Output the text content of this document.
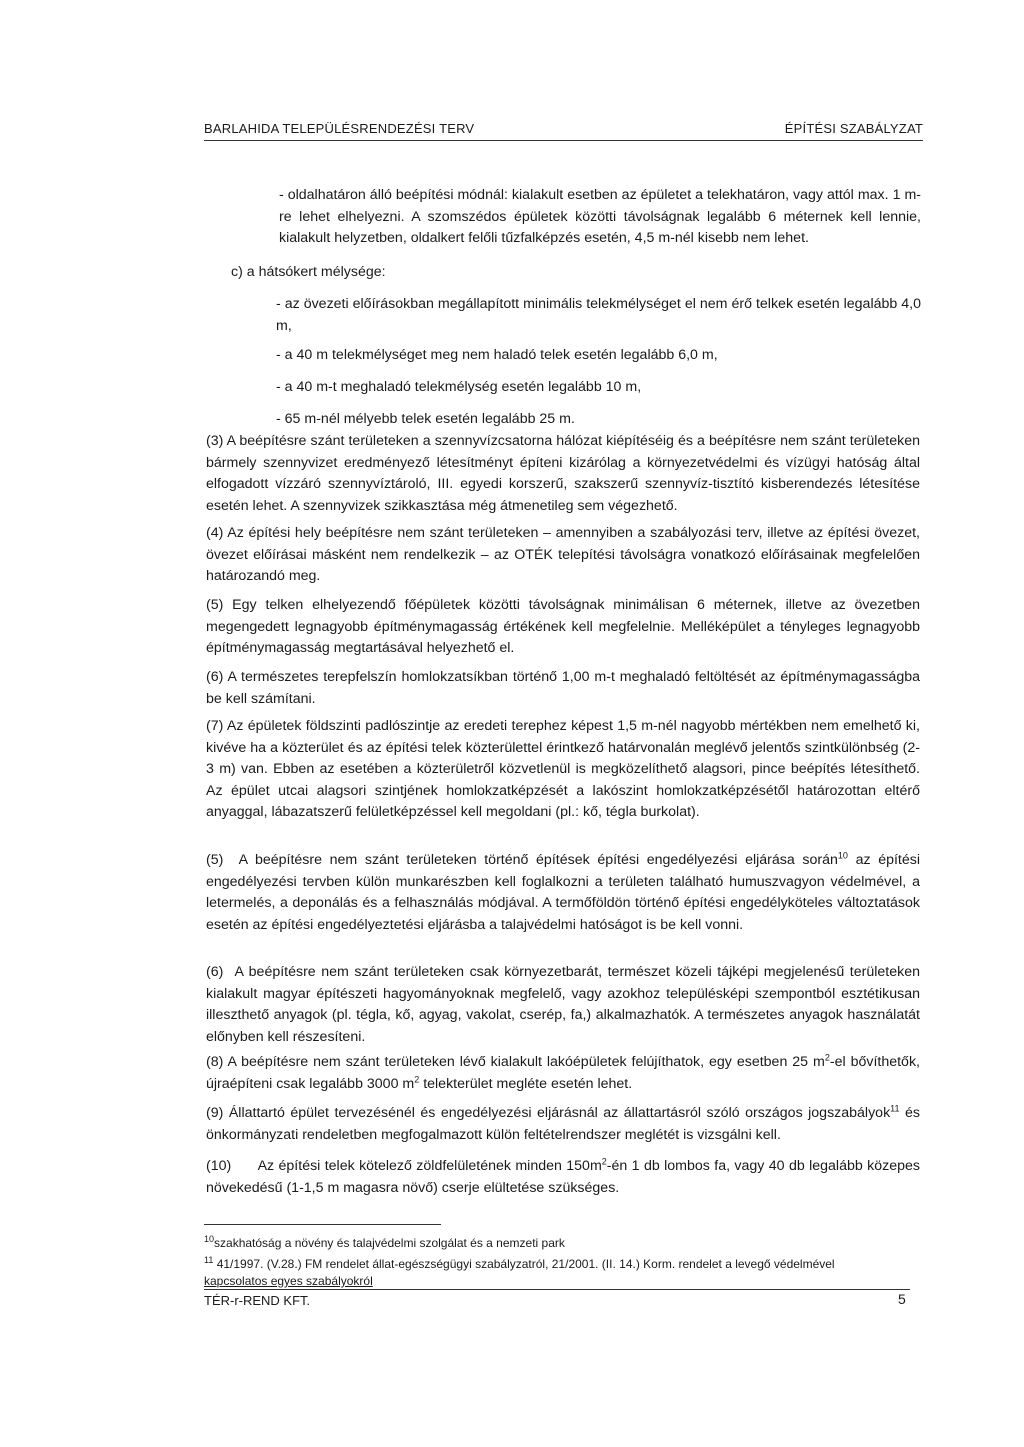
BARLAHIDA TELEPÜLÉSRENDEZÉSI TERV	ÉPÍTÉSI SZABÁLYZAT

- oldalhatáron álló beépítési módnál: kialakult esetben az épületet a telekhatáron, vagy attól max. 1 m-re lehet elhelyezni. A szomszédos épületek közötti távolságnak legalább 6 méternek kell lennie, kialakult helyzetben, oldalkert felőli tűzfalképzés esetén, 4,5 m-nél kisebb nem lehet.

c) a hátsókert mélysége:

- az övezeti előírásokban megállapított minimális telekmélységet el nem érő telkek esetén legalább 4,0 m,

- a 40 m telekmélységet meg nem haladó telek esetén legalább 6,0 m,

- a 40 m-t meghaladó telekmélység esetén legalább 10 m,

- 65 m-nél mélyebb telek esetén legalább 25 m.

(3) A beépítésre szánt területeken a szennyvízcsatorna hálózat kiépítéséig és a beépítésre nem szánt területeken bármely szennyvizet eredményező létesítményt építeni kizárólag a környezetvédelmi és vízügyi hatóság által elfogadott vízzáró szennyvíztároló, III. egyedi korszerű, szakszerű szennyvíz-tisztító kisberendezés létesítése esetén lehet. A szennyvizek szikkasztása még átmenetileg sem végezhető.

(4) Az építési hely beépítésre nem szánt területeken – amennyiben a szabályozási terv, illetve az építési övezet, övezet előírásai másként nem rendelkezik – az OTÉK telepítési távolságra vonatkozó előírásainak megfelelően határozandó meg.

(5) Egy telken elhelyezendő főépületek közötti távolságnak minimálisan 6 méternek, illetve az övezetben megengedett legnagyobb építménymagasság értékének kell megfelelnie. Melléképület a tényleges legnagyobb építménymagasság megtartásával helyezhető el.

(6) A természetes terepfelszín homlokzatsíkban történő 1,00 m-t meghaladó feltöltését az építménymagasságba be kell számítani.

(7) Az épületek földszinti padlószintje az eredeti terephez képest 1,5 m-nél nagyobb mértékben nem emelhető ki, kivéve ha a közterület és az építési telek közterülettel érintkező határvonalán meglévő jelentős szintkülönbség (2-3 m) van. Ebben az esetében a közterületről közvetlenül is megközelíthető alagsori, pince beépítés létesíthető. Az épület utcai alagsori szintjének homlokzatképzését a lakószint homlokzatképzésétől határozottan eltérő anyaggal, lábazatszerű felületképzéssel kell megoldani (pl.: kő, tégla burkolat).

(5) A beépítésre nem szánt területeken történő építések építési engedélyezési eljárása során$^{10}$ az építési engedélyezési tervben külön munkarészben kell foglalkozni a területen található humuszvagyon védelmével, a letermelés, a deponálás és a felhasználás módjával. A termőföldön történő építési engedélyköteles változtatások esetén az építési engedélyeztetési eljárásba a talajvédelmi hatóságot is be kell vonni.

(6) A beépítésre nem szánt területeken csak környezetbarát, természet közeli tájképi megjelenésű területeken kialakult magyar építészeti hagyományoknak megfelelő, vagy azokhoz településképi szempontból esztétikusan illeszthető anyagok (pl. tégla, kő, agyag, vakolat, cserép, fa,) alkalmazhatók. A természetes anyagok használatát előnyben kell részesíteni.

(8) A beépítésre nem szánt területeken lévő kialakult lakóépületek felújíthatok, egy esetben 25 $m^2-el$ bővíthetők, újraépíteni csak legalább 3000 $m^2$ telekterület megléte esetén lehet.

(9) Állattartó épület tervezésénél és engedélyezési eljárásnál az állattartásról szóló országos jogszabályok$^{11}$ és önkormányzati rendeletben megfogalmazott külön feltételrendszer meglétét is vizsgálni kell.

(10) Az építési telek kötelező zöldfelületének minden $150m^2-én$ 1 db lombos fa, vagy 40 db legalább közepes növekedésű (1-1,5 m magasra növő) cserje elültetése szükséges.

$^{10}$szakhatóság a növény és talajvédelmi szolgálat és a nemzeti park
$^{11}$ 41/1997. (V.28.) FM rendelet állat-egészségügyi szabályzatról, 21/2001. (II. 14.) Korm. rendelet a levegő védelmével
kapcsolatos egyes szabályokról
TÉR-r-REND KFT.	5
